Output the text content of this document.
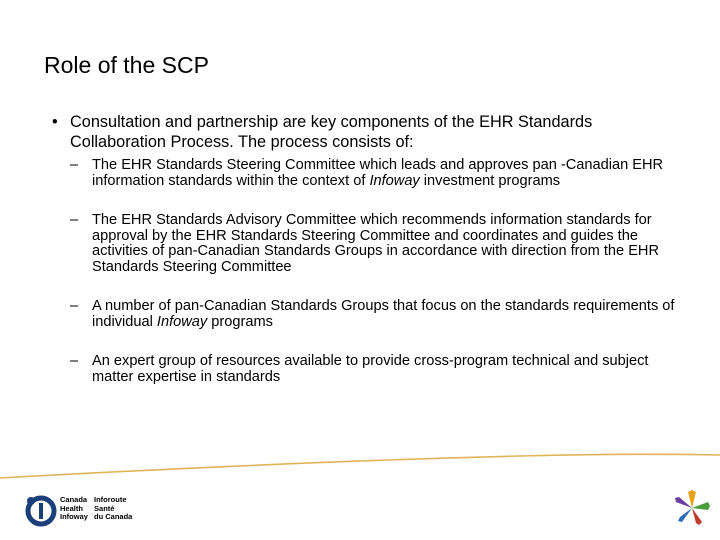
Role of the SCP
• Consultation and partnership are key components of the EHR Standards Collaboration Process. The process consists of:
– The EHR Standards Steering Committee which leads and approves pan -Canadian EHR information standards within the context of Infoway investment programs
– The EHR Standards Advisory Committee which recommends information standards for approval by the EHR Standards Steering Committee and coordinates and guides the activities of pan-Canadian Standards Groups in accordance with direction from the EHR Standards Steering Committee
– A number of pan-Canadian Standards Groups that focus on the standards requirements of individual Infoway programs
– An expert group of resources available to provide cross-program technical and subject matter expertise in standards
Canada
Health
Infoway

Inforoute
Santé
du Canada
